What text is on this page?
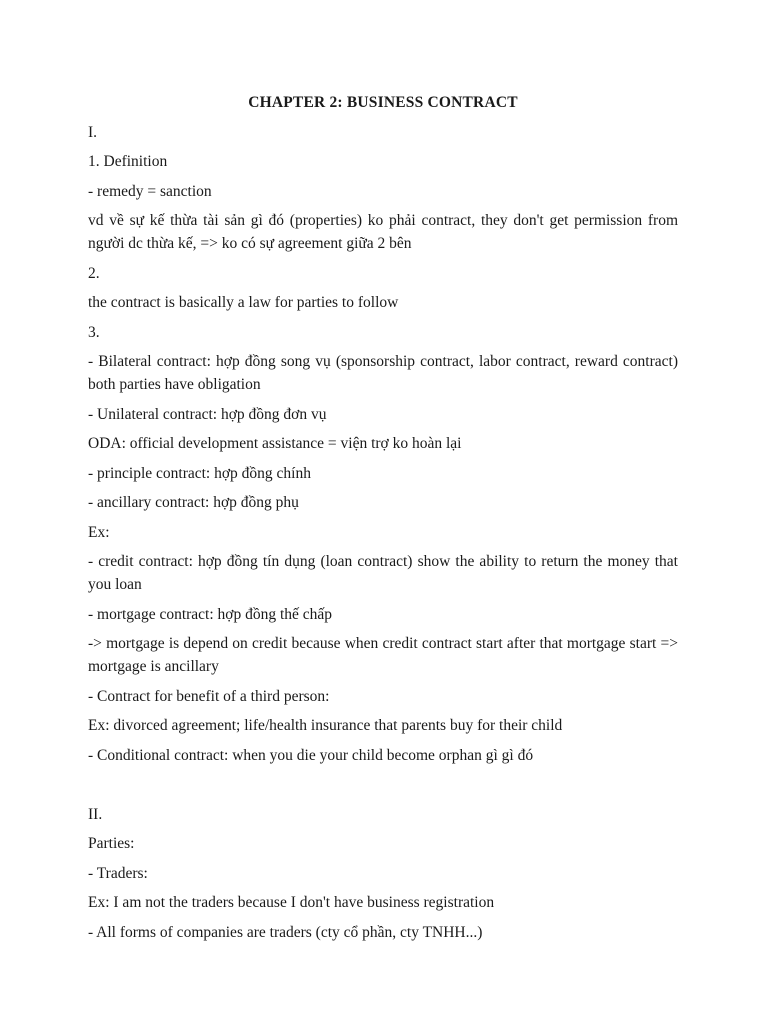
CHAPTER 2: BUSINESS CONTRACT

I.

1. Definition

- remedy = sanction

vd về sự kế thừa tài sản gì đó (properties) ko phải contract, they don't get permission from người dc thừa kế, => ko có sự agreement giữa 2 bên

2.

the contract is basically a law for parties to follow

3.

- Bilateral contract: hợp đồng song vụ (sponsorship contract, labor contract, reward contract) both parties have obligation

- Unilateral contract: hợp đồng đơn vụ

ODA: official development assistance = viện trợ ko hoàn lại

- principle contract: hợp đồng chính

- ancillary contract: hợp đồng phụ

Ex:

- credit contract: hợp đồng tín dụng (loan contract) show the ability to return the money that you loan

- mortgage contract: hợp đồng thế chấp

-> mortgage is depend on credit because when credit contract start after that mortgage start => mortgage is ancillary

- Contract for benefit of a third person:

Ex: divorced agreement; life/health insurance that parents buy for their child

- Conditional contract: when you die your child become orphan gì gì đó

II.

Parties:

- Traders:

Ex: I am not the traders because I don't have business registration

- All forms of companies are traders (cty cổ phần, cty TNHH...)
